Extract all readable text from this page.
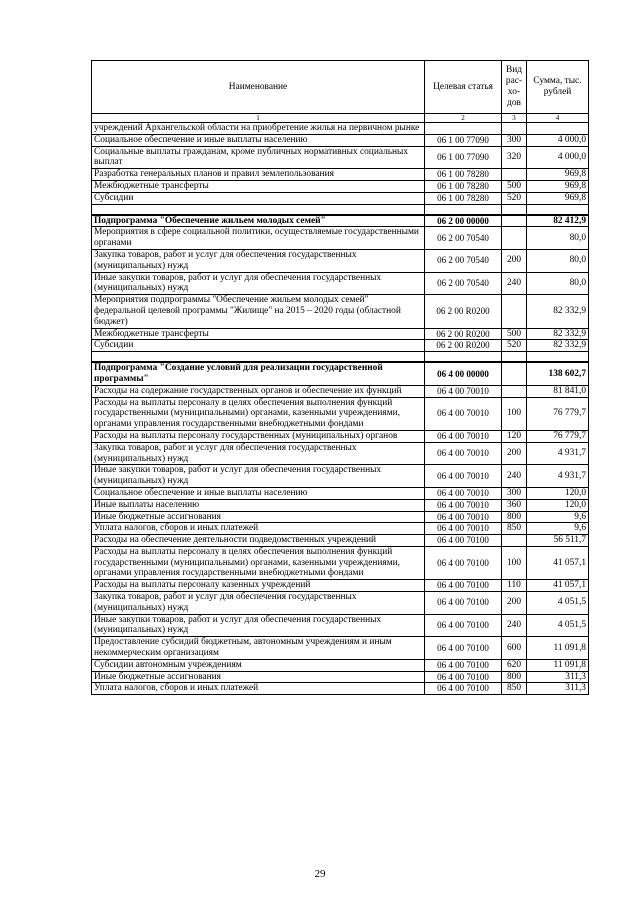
Наименование	Целевая статья	Вид рас-хо-дов	Сумма, тыс. рублей
1	2	3	4
учреждений Архангельской области на приобретение жилья на первичном рынке			
Социальное обеспечение и иные выплаты населению	06 1 00 77090	300	4 000,0
Социальные выплаты гражданам, кроме публичных нормативных социальных выплат	06 1 00 77090	320	4 000,0
Разработка генеральных планов и правил землепользования	06 1 00 78280		969,8
Межбюджетные трансферты	06 1 00 78280	500	969,8
Субсидии	06 1 00 78280	520	969,8

Подпрограмма "Обеспечение жильем молодых семей"	06 2 00 00000		82 412,9
Мероприятия в сфере социальной политики, осуществляемые государственными органами	06 2 00 70540		80,0
Закупка товаров, работ и услуг для обеспечения государственных (муниципальных) нужд	06 2 00 70540	200	80,0
Иные закупки товаров, работ и услуг для обеспечения государственных (муниципальных) нужд	06 2 00 70540	240	80,0
Мероприятия подпрограммы "Обеспечение жильем молодых семей" федеральной целевой программы "Жилище" на 2015 – 2020 годы (областной бюджет)	06 2 00 R0200		82 332,9
Межбюджетные трансферты	06 2 00 R0200	500	82 332,9
Субсидии	06 2 00 R0200	520	82 332,9

Подпрограмма "Создание условий для реализации государственной программы"	06 4 00 00000		138 602,7
Расходы на содержание государственных органов и обеспечение их функций	06 4 00 70010		81 841,0
Расходы на выплаты персоналу в целях обеспечения выполнения функций государственными (муниципальными) органами, казенными учреждениями, органами управления государственными внебюджетными фондами	06 4 00 70010	100	76 779,7
Расходы на выплаты персоналу государственных (муниципальных) органов	06 4 00 70010	120	76 779,7
Закупка товаров, работ и услуг для обеспечения государственных (муниципальных) нужд	06 4 00 70010	200	4 931,7
Иные закупки товаров, работ и услуг для обеспечения государственных (муниципальных) нужд	06 4 00 70010	240	4 931,7
Социальное обеспечение и иные выплаты населению	06 4 00 70010	300	120,0
Иные выплаты населению	06 4 00 70010	360	120,0
Иные бюджетные ассигнования	06 4 00 70010	800	9,6
Уплата налогов, сборов и иных платежей	06 4 00 70010	850	9,6
Расходы на обеспечение деятельности подведомственных учреждений	06 4 00 70100		56 511,7
Расходы на выплаты персоналу в целях обеспечения выполнения функций государственными (муниципальными) органами, казенными учреждениями, органами управления государственными внебюджетными фондами	06 4 00 70100	100	41 057,1
Расходы на выплаты персоналу казенных учреждений	06 4 00 70100	110	41 057,1
Закупка товаров, работ и услуг для обеспечения государственных (муниципальных) нужд	06 4 00 70100	200	4 051,5
Иные закупки товаров, работ и услуг для обеспечения государственных (муниципальных) нужд	06 4 00 70100	240	4 051,5
Предоставление субсидий бюджетным, автономным учреждениям и иным некоммерческим организациям	06 4 00 70100	600	11 091,8
Субсидии автономным учреждениям	06 4 00 70100	620	11 091,8
Иные бюджетные ассигнования	06 4 00 70100	800	311,3
Уплата налогов, сборов и иных платежей	06 4 00 70100	850	311,3
29
